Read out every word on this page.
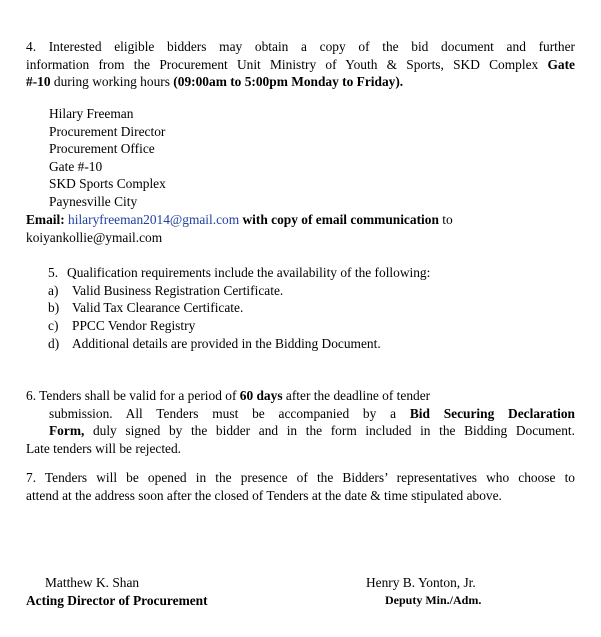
4. Interested eligible bidders may obtain a copy of the bid document and further
information from the Procurement Unit Ministry of Youth & Sports, SKD Complex Gate
#-10 during working hours (09:00am to 5:00pm Monday to Friday).
Hilary Freeman
Procurement Director
Procurement Office
Gate #-10
SKD Sports Complex
Paynesville City
Email: hilaryfreeman2014@gmail.com with copy of email communication to
koiyankollie@ymail.com
5. Qualification requirements include the availability of the following:
a) Valid Business Registration Certificate.
b) Valid Tax Clearance Certificate.
c) PPCC Vendor Registry
d) Additional details are provided in the Bidding Document.
6. Tenders shall be valid for a period of 60 days after the deadline of tender
submission. All Tenders must be accompanied by a Bid Securing Declaration
Form, duly signed by the bidder and in the form included in the Bidding Document.
Late tenders will be rejected.
7. Tenders will be opened in the presence of the Bidders’ representatives who choose to
attend at the address soon after the closed of Tenders at the date & time stipulated above.
Matthew K. Shan
Acting Director of Procurement
Henry B. Yonton, Jr.
Deputy Min./Adm.
